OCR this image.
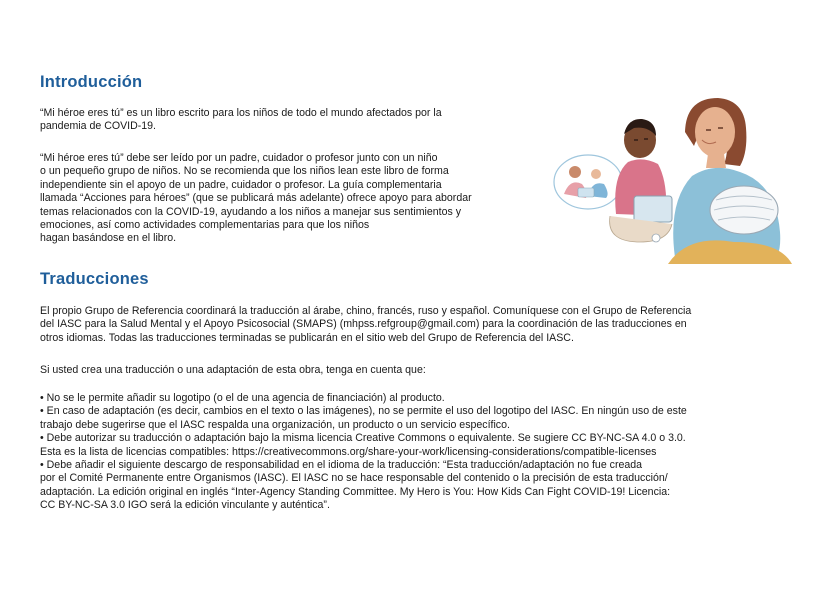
Introducción

“Mi héroe eres tú” es un libro escrito para los niños de todo el mundo afectados por la
pandemia de COVID-19.

“Mi héroe eres tú” debe ser leído por un padre, cuidador o profesor junto con un niño
o un pequeño grupo de niños. No se recomienda que los niños lean este libro de forma
independiente sin el apoyo de un padre, cuidador o profesor. La guía complementaria
llamada “Acciones para héroes” (que se publicará más adelante) ofrece apoyo para abordar
temas relacionados con la COVID-19, ayudando a los niños a manejar sus sentimientos y
emociones, así como actividades complementarias para que los niños
hagan basándose en el libro.

Traducciones

El propio Grupo de Referencia coordinará la traducción al árabe, chino, francés, ruso y español. Comuníquese con el Grupo de Referencia
del IASC para la Salud Mental y el Apoyo Psicosocial (SMAPS) (mhpss.refgroup@gmail.com) para la coordinación de las traducciones en
otros idiomas. Todas las traducciones terminadas se publicarán en el sitio web del Grupo de Referencia del IASC.

Si usted crea una traducción o una adaptación de esta obra, tenga en cuenta que:

• No se le permite añadir su logotipo (o el de una agencia de financiación) al producto.
• En caso de adaptación (es decir, cambios en el texto o las imágenes), no se permite el uso del logotipo del IASC. En ningún uso de este
trabajo debe sugerirse que el IASC respalda una organización, un producto o un servicio específico.
• Debe autorizar su traducción o adaptación bajo la misma licencia Creative Commons o equivalente. Se sugiere CC BY-NC-SA 4.0 o 3.0.
Esta es la lista de licencias compatibles: https://creativecommons.org/share-your-work/licensing-considerations/compatible-licenses
• Debe añadir el siguiente descargo de responsabilidad en el idioma de la traducción: “Esta traducción/adaptación no fue creada
por el Comité Permanente entre Organismos (IASC). El IASC no se hace responsable del contenido o la precisión de esta traducción/
adaptación. La edición original en inglés “Inter-Agency Standing Committee. My Hero is You: How Kids Can Fight COVID-19! Licencia:
CC BY-NC-SA 3.0 IGO será la edición vinculante y auténtica”.
